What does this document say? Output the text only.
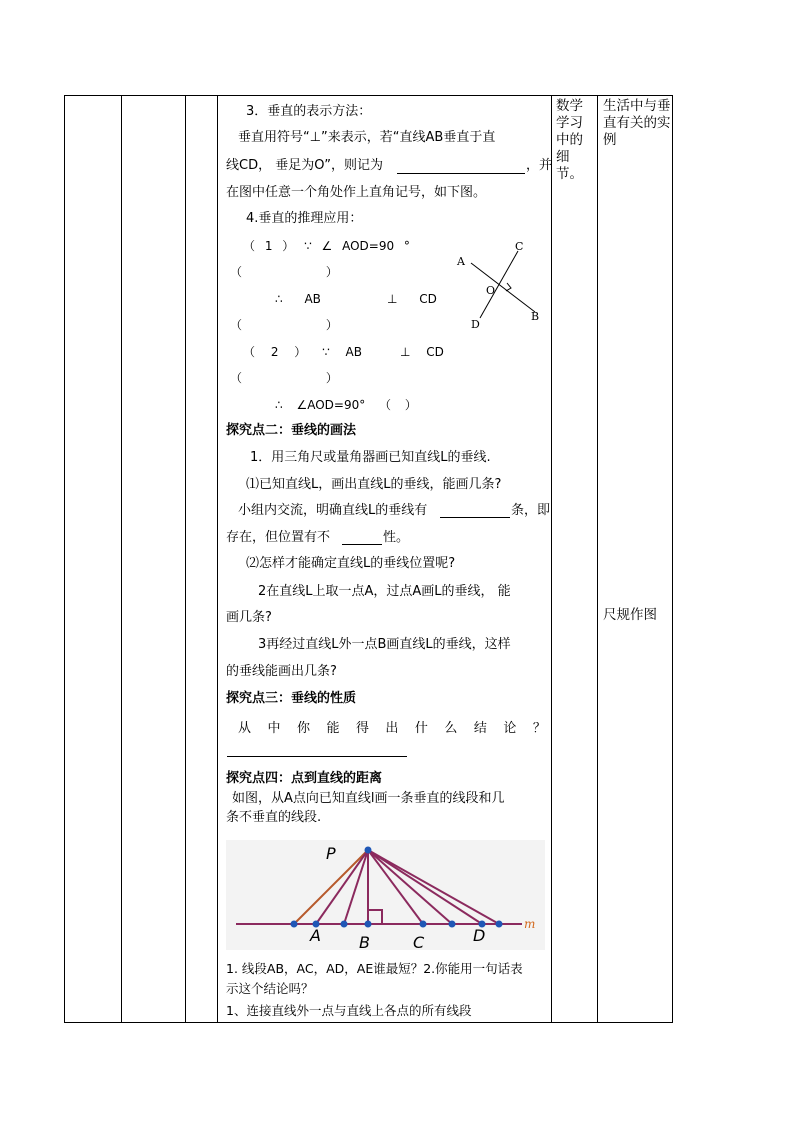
数学学习中的细节。
生活中与垂直有关的实例
尺规作图
3．垂直的表示方法：
垂直用符号“⊥”来表示，若“直线AB垂直于直
线CD， 垂足为O”，则记为	，并
在图中任意一个角处作上直角记号，如下图。
4.垂直的推理应用：
（ 1 ） ∵ ∠ AOD=90 °
（ ）
∴ AB	⊥ CD
（ ）
（ 2 ） ∵ AB	⊥ CD
（ ）
∴ ∠AOD=90° （ ）
C
A
O
B
D
探究点二：垂线的画法
1．用三角尺或量角器画已知直线L的垂线.
⑴已知直线L，画出直线L的垂线，能画几条?
小组内交流，明确直线L的垂线有	条，即
存在，但位置有不	性。
⑵怎样才能确定直线L的垂线位置呢?
2在直线L上取一点A，过点A画L的垂线， 能
画几条?
3再经过直线L外一点B画直线L的垂线，这样
的垂线能画出几条?
探究点三：垂线的性质
从 中 你 能 得 出 什 么 结 论 ？
探究点四：点到直线的距离
如图，从A点向已知直线l画一条垂直的线段和几
条不垂直的线段.
P
A B	C	D
m
1. 线段AB，AC，AD，AE谁最短？2.你能用一句话表
示这个结论吗？
1、连接直线外一点与直线上各点的所有线段
